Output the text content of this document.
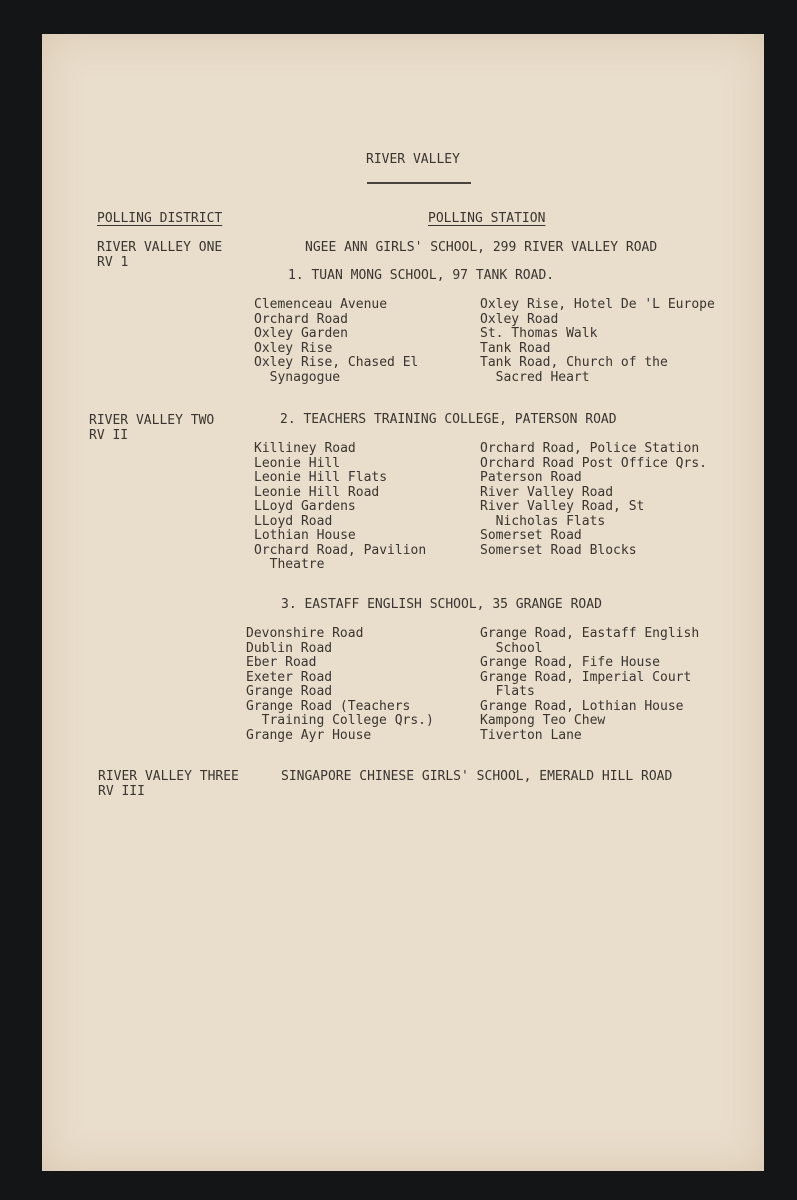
RIVER VALLEY
POLLING DISTRICT	POLLING STATION
RIVER VALLEY ONE
RV 1
NGEE ANN GIRLS' SCHOOL, 299 RIVER VALLEY ROAD
1. TUAN MONG SCHOOL, 97 TANK ROAD.
Clemenceau Avenue
Orchard Road
Oxley Garden
Oxley Rise
Oxley Rise, Chased El
Synagogue
Oxley Rise, Hotel De 'L Europe
Oxley Road
St. Thomas Walk
Tank Road
Tank Road, Church of the
Sacred Heart
RIVER VALLEY TWO
RV II
2. TEACHERS TRAINING COLLEGE, PATERSON ROAD
Killiney Road
Leonie Hill
Leonie Hill Flats
Leonie Hill Road
LLoyd Gardens
LLoyd Road
Lothian House
Orchard Road, Pavilion
Theatre
Orchard Road, Police Station
Orchard Road Post Office Qrs.
Paterson Road
River Valley Road
River Valley Road, St
Nicholas Flats
Somerset Road
Somerset Road Blocks
3. EASTAFF ENGLISH SCHOOL, 35 GRANGE ROAD
Devonshire Road
Dublin Road
Eber Road
Exeter Road
Grange Road
Grange Road (Teachers
Training College Qrs.)
Grange Ayr House
Grange Road, Eastaff English
School
Grange Road, Fife House
Grange Road, Imperial Court
Flats
Grange Road, Lothian House
Kampong Teo Chew
Tiverton Lane
RIVER VALLEY THREE
RV III
SINGAPORE CHINESE GIRLS' SCHOOL, EMERALD HILL ROAD
